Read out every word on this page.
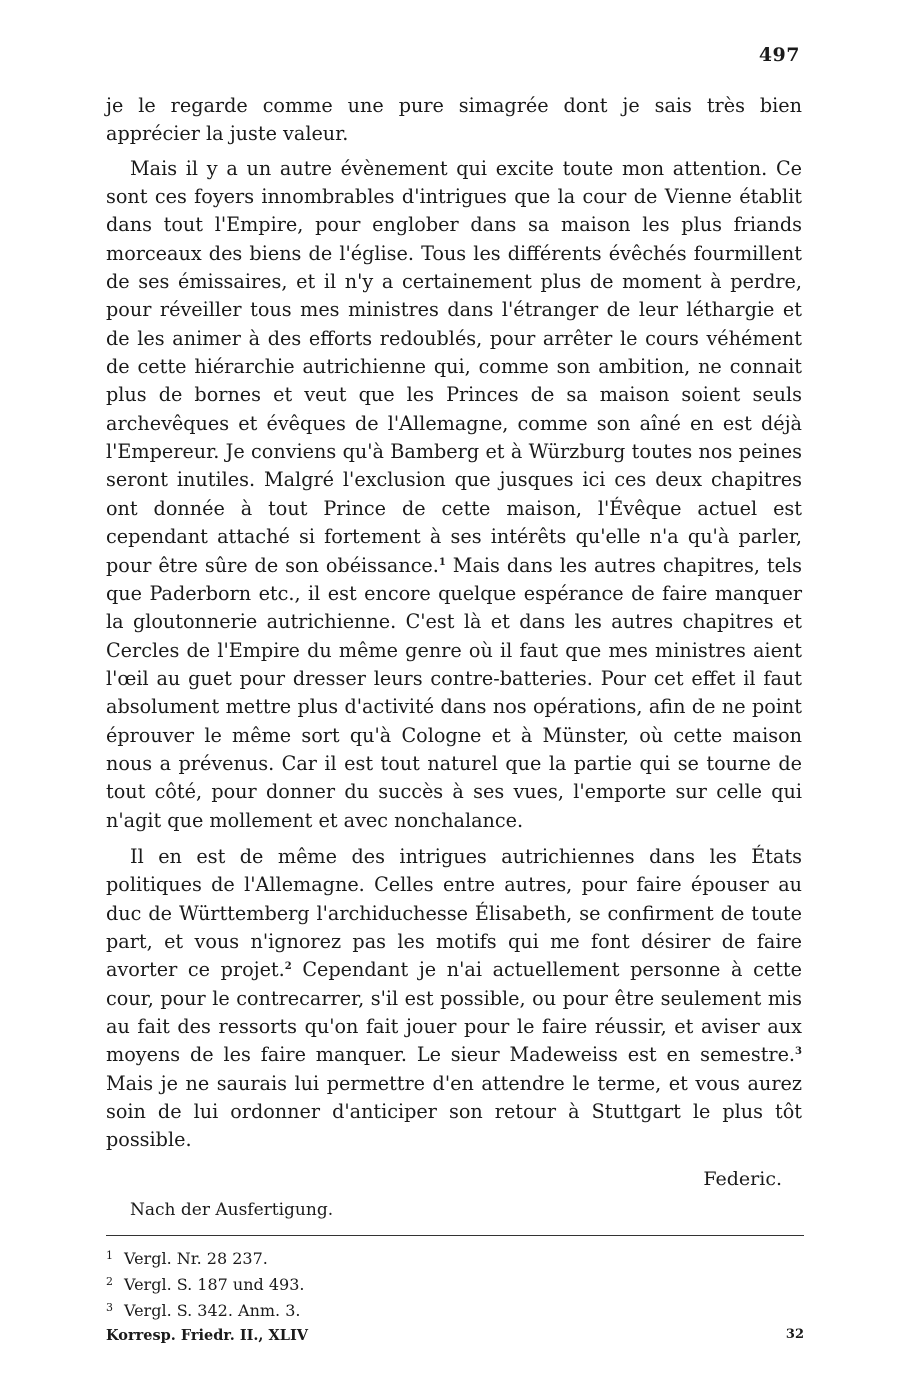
497

je le regarde comme une pure simagrée dont je sais très bien apprécier la juste valeur.

Mais il y a un autre évènement qui excite toute mon attention. Ce sont ces foyers innombrables d'intrigues que la cour de Vienne établit dans tout l'Empire, pour englober dans sa maison les plus friands morceaux des biens de l'église. Tous les différents évêchés fourmillent de ses émissaires, et il n'y a certainement plus de moment à perdre, pour réveiller tous mes ministres dans l'étranger de leur léthargie et de les animer à des efforts redoublés, pour arrêter le cours véhément de cette hiérarchie autrichienne qui, comme son ambition, ne connait plus de bornes et veut que les Princes de sa maison soient seuls archevêques et évêques de l'Allemagne, comme son aîné en est déjà l'Empereur. Je conviens qu'à Bamberg et à Würzburg toutes nos peines seront inutiles. Malgré l'exclusion que jusques ici ces deux chapitres ont donnée à tout Prince de cette maison, l'Évêque actuel est cependant attaché si fortement à ses intérêts qu'elle n'a qu'à parler, pour être sûre de son obéissance.$^1$ Mais dans les autres chapitres, tels que Paderborn etc., il est encore quelque espérance de faire manquer la gloutonnerie autrichienne. C'est là et dans les autres chapitres et Cercles de l'Empire du même genre où il faut que mes ministres aient l'œil au guet pour dresser leurs contre-batteries. Pour cet effet il faut absolument mettre plus d'activité dans nos opérations, afin de ne point éprouver le même sort qu'à Cologne et à Münster, où cette maison nous a prévenus. Car il est tout naturel que la partie qui se tourne de tout côté, pour donner du succès à ses vues, l'emporte sur celle qui n'agit que mollement et avec nonchalance.

Il en est de même des intrigues autrichiennes dans les États politiques de l'Allemagne. Celles entre autres, pour faire épouser au duc de Württemberg l'archiduchesse Élisabeth, se confirment de toute part, et vous n'ignorez pas les motifs qui me font désirer de faire avorter ce projet.$^2$ Cependant je n'ai actuellement personne à cette cour, pour le contrecarrer, s'il est possible, ou pour être seulement mis au fait des ressorts qu'on fait jouer pour le faire réussir, et aviser aux moyens de les faire manquer. Le sieur Madeweiss est en semestre.$^3$ Mais je ne saurais lui permettre d'en attendre le terme, et vous aurez soin de lui ordonner d'anticiper son retour à Stuttgart le plus tôt possible.

Federic.
Nach der Ausfertigung.
1 Vergl. Nr. 28 237.
2 Vergl. S. 187 und 493.
3 Vergl. S. 342. Anm. 3.
Korresp. Friedr. II., XLIV	32
